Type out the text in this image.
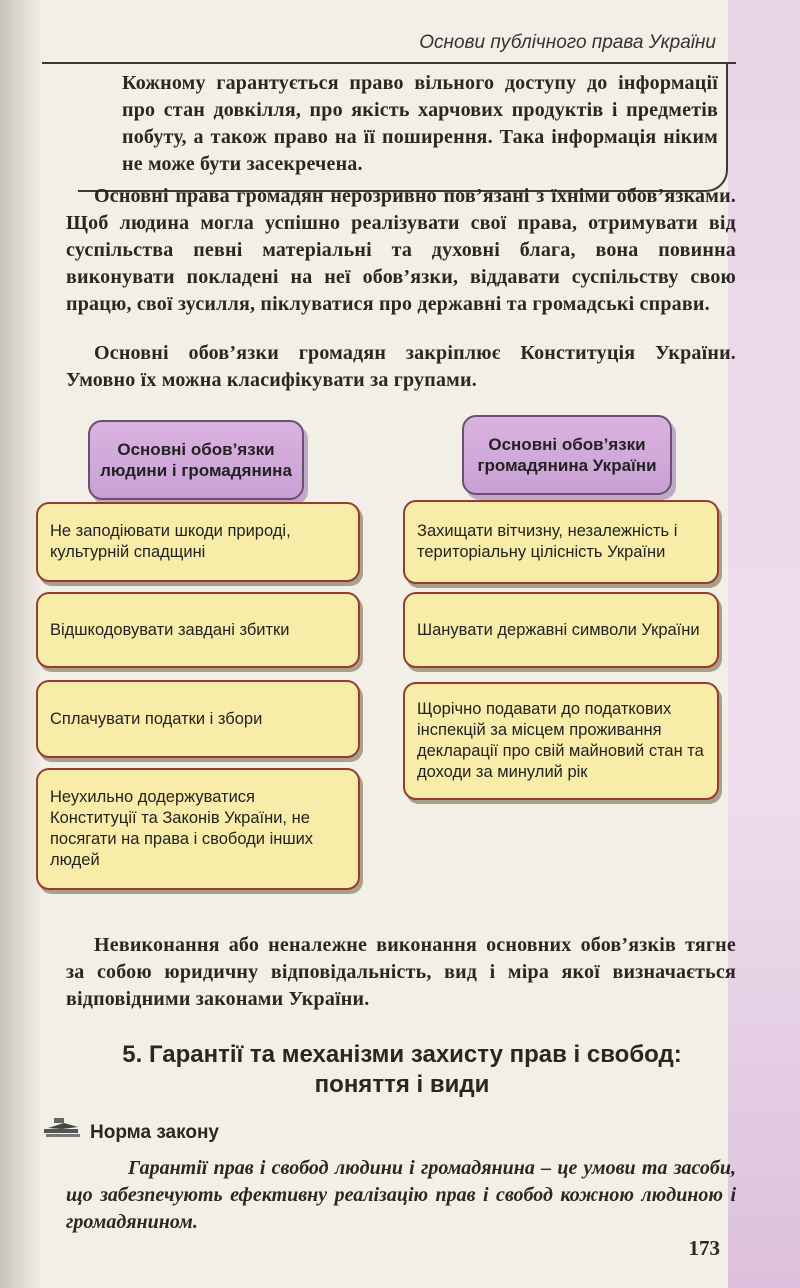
Основи публічного права України
Кожному гарантується право вільного доступу до інформації про стан довкілля, про якість харчових продуктів і предметів побуту, а також право на її поширення. Така інформація ніким не може бути засекречена.
Основні права громадян нерозривно пов’язані з їхніми обов’язками. Щоб людина могла успішно реалізувати свої права, отримувати від суспільства певні матеріальні та духовні блага, вона повинна виконувати покладені на неї обов’язки, віддавати суспільству свою працю, свої зусилля, піклуватися про державні та громадські справи.
Основні обов’язки громадян закріплює Конституція України. Умовно їх можна класифікувати за групами.
Основні обов’язки людини і громадянина
Основні обов’язки громадянина України
Не заподіювати шкоди природі, культурній спадщині
Відшкодовувати завдані збитки
Сплачувати податки і збори
Неухильно додержуватися Конституції та Законів України, не посягати на права і свободи інших людей
Захищати вітчизну, незалежність і територіальну цілісність України
Шанувати державні символи України
Щорічно подавати до податкових інспекцій за місцем проживання декларації про свій майновий стан та доходи за минулий рік
Невиконання або неналежне виконання основних обов’язків тягне за собою юридичну відповідальність, вид і міра якої визначається відповідними законами України.
5. Гарантії та механізми захисту прав і свобод:
поняття і види
Норма закону
Гарантії прав і свобод людини і громадянина – це умови та засоби, що забезпечують ефективну реалізацію прав і свобод кожною людиною і громадянином.
173
